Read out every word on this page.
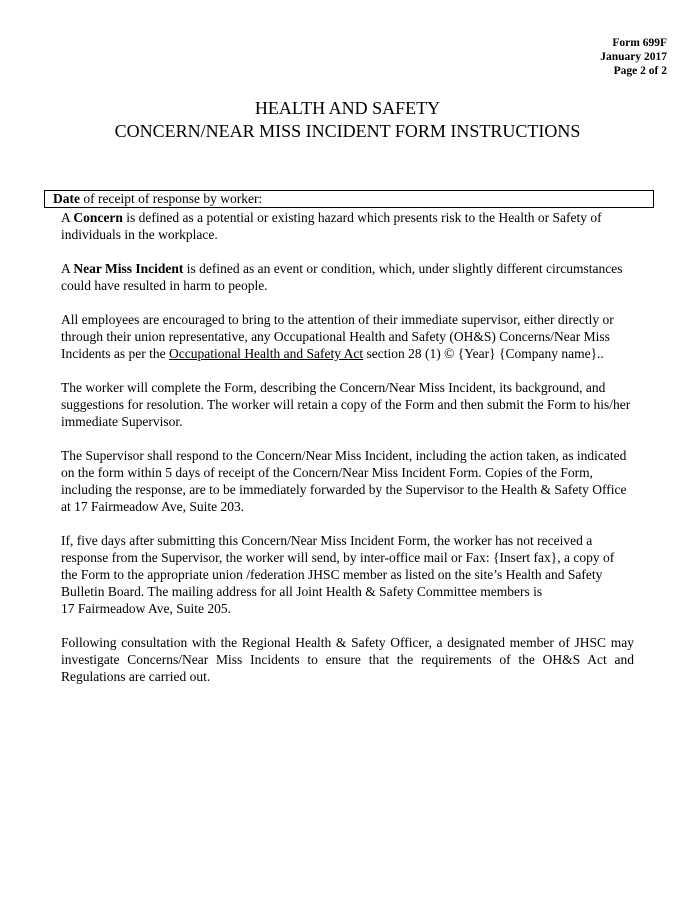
Form 699F
January 2017
Page 2 of 2
HEALTH AND SAFETY
CONCERN/NEAR MISS INCIDENT FORM INSTRUCTIONS
Date of receipt of response by worker:

A Concern is defined as a potential or existing hazard which presents risk to the Health or Safety of individuals in the workplace.

A Near Miss Incident is defined as an event or condition, which, under slightly different circumstances could have resulted in harm to people.

All employees are encouraged to bring to the attention of their immediate supervisor, either directly or through their union representative, any Occupational Health and Safety (OH&S) Concerns/Near Miss Incidents as per the Occupational Health and Safety Act section 28 (1) © {Year} {Company name}..

The worker will complete the Form, describing the Concern/Near Miss Incident, its background, and suggestions for resolution. The worker will retain a copy of the Form and then submit the Form to his/her immediate Supervisor.

The Supervisor shall respond to the Concern/Near Miss Incident, including the action taken, as indicated on the form within 5 days of receipt of the Concern/Near Miss Incident Form. Copies of the Form, including the response, are to be immediately forwarded by the Supervisor to the Health & Safety Office at 17 Fairmeadow Ave, Suite 203.

If, five days after submitting this Concern/Near Miss Incident Form, the worker has not received a response from the Supervisor, the worker will send, by inter-office mail or Fax: {Insert fax}, a copy of the Form to the appropriate union /federation JHSC member as listed on the site’s Health and Safety Bulletin Board. The mailing address for all Joint Health & Safety Committee members is
17 Fairmeadow Ave, Suite 205.

Following consultation with the Regional Health & Safety Officer, a designated member of JHSC may investigate Concerns/Near Miss Incidents to ensure that the requirements of the OH&S Act and Regulations are carried out.
